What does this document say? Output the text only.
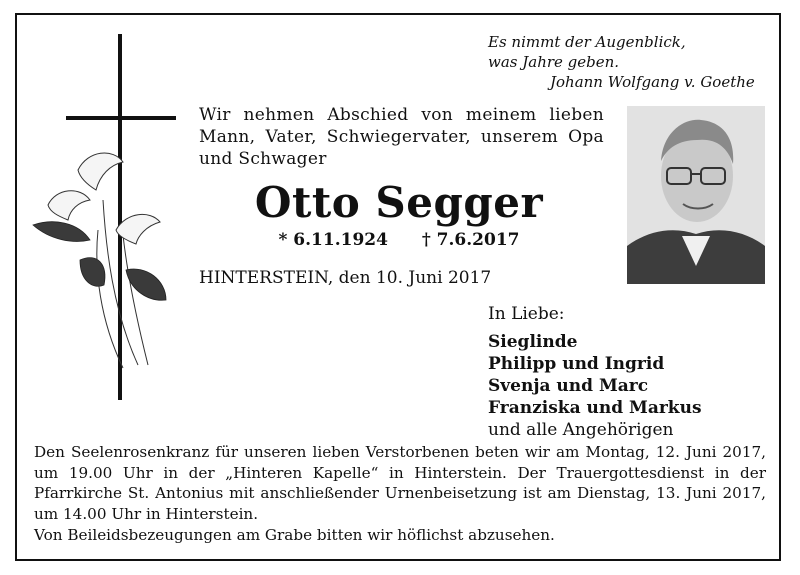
Es nimmt der Augenblick,
was Jahre geben.
Johann Wolfgang v. Goethe
Wir nehmen Abschied von meinem lieben Mann, Vater, Schwiegervater, unserem Opa und Schwager
Otto Segger
* 6.11.1924 † 7.6.2017
HINTERSTEIN, den 10. Juni 2017
In Liebe:
Sieglinde
Philipp und Ingrid
Svenja und Marc
Franziska und Markus
und alle Angehörigen
Den Seelenrosenkranz für unseren lieben Verstorbenen beten wir am Montag, 12. Juni 2017, um 19.00 Uhr in der „Hinteren Kapelle“ in Hinterstein. Der Trauergottesdienst in der Pfarrkirche St. Antonius mit anschließender Urnenbeisetzung ist am Dienstag, 13. Juni 2017, um 14.00 Uhr in Hinterstein.
Von Beileidsbezeugungen am Grabe bitten wir höflichst abzusehen.
